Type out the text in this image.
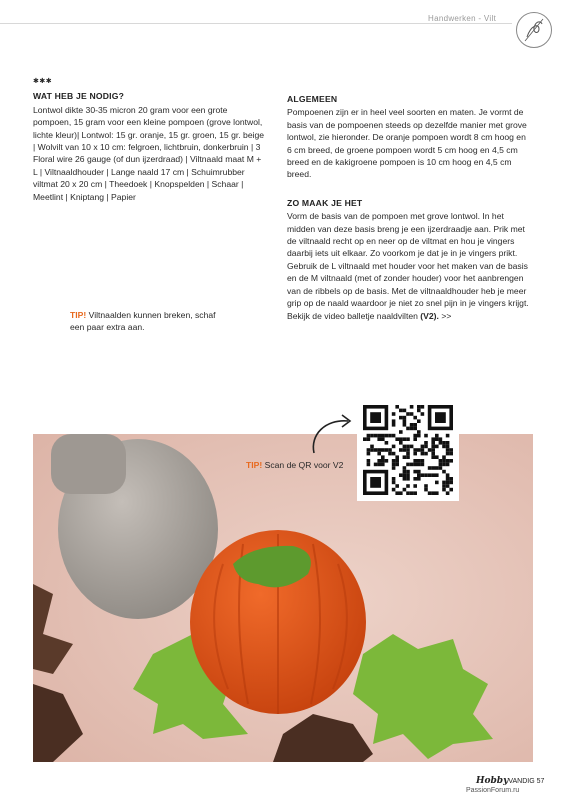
Handwerken - Vilt
✱✱✱
WAT HEB JE NODIG?

Lontwol dikte 30-35 micron 20 gram voor een grote pompoen, 15 gram voor een kleine pompoen (grove lontwol, lichte kleur)| Lontwol: 15 gr. oranje, 15 gr. groen, 15 gr. beige | Wolvilt van 10 x 10 cm: felgroen, lichtbruin, donkerbruin | 3 Floral wire 26 gauge (of dun ijzerdraad) | Viltnaald maat M + L | Viltnaaldhouder | Lange naald 17 cm | Schuimrubber viltmat 20 x 20 cm | Theedoek | Knopspelden | Schaar | Meetlint | Kniptang | Papier

TIP! Viltnaalden kunnen breken, schaf een paar extra aan.
ALGEMEEN

Pompoenen zijn er in heel veel soorten en maten. Je vormt de basis van de pompoenen steeds op dezelfde manier met grove lontwol, zie hieronder. De oranje pompoen wordt 8 cm hoog en 6 cm breed, de groene pompoen wordt 5 cm hoog en 4,5 cm breed en de kakigroene pompoen is 10 cm hoog en 4,5 cm breed.

ZO MAAK JE HET

Vorm de basis van de pompoen met grove lontwol. In het midden van deze basis breng je een ijzerdraadje aan. Prik met de viltnaald recht op en neer op de viltmat en hou je vingers daarbij iets uit elkaar. Zo voorkom je dat je in je vingers prikt. Gebruik de L viltnaald met houder voor het maken van de basis en de M viltnaald (met of zonder houder) voor het aanbrengen van de ribbels op de basis. Met de viltnaaldhouder heb je meer grip op de naald waardoor je niet zo snel pijn in je vingers krijgt. Bekijk de video balletje naaldvilten (V2). >>

TIP! Scan de QR voor V2
HobbyVANDIG 57
PassionForum.ru
